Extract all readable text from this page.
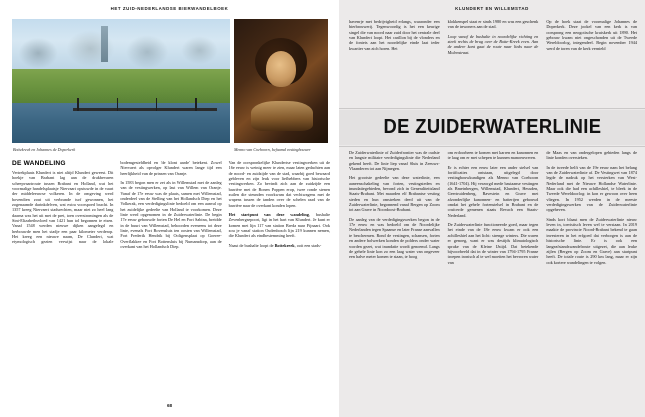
HET ZUID-NEDERLANDSE BIERWANDELBOEK
Bottekreek en Johannes de Doperkerk	Menno van Coehoorn, befaamd vestingbouwer
DE WANDELING

Vertrekplaats Klundert is niet altijd Klundert geweest. Dit hoekje van Brabant lag aan de drukbevaren scheepvaartroute tussen Brabant en Holland, wat het voormalige handelsplaatsje Niervaart opstuwde in de vaart der middeleeuwse volkeren. In de omgeving werd bovendien zout uit verbrande turf gewonnen, het zogenaamde darinkdelven, wat extra voorspoed bracht. In 1357 kreeg Niervaert stadsrechten, maar niet zo heel lang daarna was het uit met de pret, toen overstromingen als de Sint-Elizabethsvloed van 1421 hun tol begonnen te eisen. Vanaf 1548 werden nieuwe dijken aangelegd en herbouwde men het stadje een paar kilometer verderop. Het kreeg een nieuwe naam, De Clundert, wat etymologisch gezien verwijst naar de lokale bodemgesteldheid en 'de klont aarde' betekent. Zowel Niervaert als opvolger Klundert waren lange tijd een heerlijkheid van de prinsen van Oranje.

In 1583 begon men er zet als in Willemstad met de aanleg van de vestingwerken, op last van Willem van Oranje. Vanaf de 17e eeuw was de plaats, samen met Willemstad, onderdeel van de Stelling van het Hollandsch Diep en het Volkerak, een verdedigingslinie bedoeld om een aanval op het zuidelijke gedeelte van Holland te voorkomen. Deze linie werd opgenomen in de Zuiderwaterlinie. De begin 17e eeuw gebouwde forten De Hel en Fort Sabina, breidde in de buurt van Willemstad, behoorden eveneens tot deze linie, evenals Fort Bovensluis ten oosten van Willemstad, Fort Frederik Hendrik bij Ooltgensplaat op Goeree-Overflakkee en Fort Bottensluis bij Numansdorp, aan de overkant van het Hollandsch Diep.

Van de oorspronkelijke Klundertse vestingwerken uit de 16e eeuw is weinig meer te zien, maar laten gedachten aan de noord- en zuidzijde van de stad, waarbij goed bewaard gebleven en zijn leuk voor liefhebbers van historische vestingwerken. Zo bevindt zich aan de zuidzijde een barrière met de Bonen Poppen erop, twee ronde stenen zuilen die steunden voorkwam dat vechtwagens met de wapens tussen de tanden over de schelen raad van de barrière naar de overkant konden lopen.

Het startpunt van deze wandeling, bushalte Zevenbergsepoort, ligt in het hart van Klundert. Je kunt er komen met lijn 117 van station Breda naar Fijnaart. Ook zou je vanaf station Oudenbosch lijn 219 kunnen nemen, die Klundert als eindbestemming heeft.

Naast de bushalte loopt de Bottekreek, ooit een stads-

68
KLUNDERT EN WILLEMSTAD

havenrje met bedrijvigheid erlangs, waaronder een bierbrouwerij. Tegenwoordig is het een keurige singel die van noord naar zuid door het centrale deel van Klundert loopt. Het carillon bij de vlonders en de fonteis aan het noordelijke einde laat ieder kwartier van zich horen. Het

klokkenspel staat er sinds 1980 en was een geschenk van de inwoners aan de stad.

Loop vanaf de bushalte in noordelijke richting en steek rechts de brug over de Botte-Kreek even. Aan de andere kant gaat de route naar links naar de Molenstraat.

Op de hoek staat de voormalige Johannes de Doperkerk. Deze jookel van een kerk is van oorsprong een neogotische kruiskerk uit 1890. Het gebouw kwam niet ongeschonden uit de Tweede Wereldoorlog, integendeel. Begin november 1944 werd de toren van de kerk vernield

DE ZUIDERWATERLINIE

De Zuiderwaterlinie of Zuiderfrontier was de oudste en langste militaire verdedigingslinie die Nederland gekend heeft. De linie liep vanaf Sluis in Zeeuws-Vlaanderen tot aan Nijmegen.

Het grootste gedeelte van deze waterlinie, een aaneenschakeling van forten, vestingsteden en inundatiegebieden, bevond zich in Generaliteitsland Staats-Brabant. Met maarden elf Brabantse vesting steden en hun omstreken deed uit van de Zuiderwaterlinie, begonnend vanaf Bergen op Zoom tot aan Grave in Noordoost-Brabant.

De aanleg van de verdedigingswerken begon in de 17e eeuw en was bedoeld om de Noordelijke Nederlanden tegen Spaanse en later Franse aanvallen te beschermen. Rond de vestingen, schansen, forten en andere bolwerken konden de polders onder water worden gezet, wat inundatie wordt genoemd. Langs de gehele linie kon zo een laag water van ongeveer een halve meter komen te staan, te hoog

om erdoorheen te komen met karren en kanonnen en te laag om er met schepen te kunnen manoeuvreren.

Er is echter een eeuw later een ander stelsel van fortificaties ontstaan, uitgelegd door vestingbouwkundigen als Menno van Coehoorn (1641-1704). Hij verzorgd mede bastaanse vestingen als Bmeinbergen, Willemstad, Klundert, Heusden, Geertruidenberg, Ravestein en Grave met afzonderlijke kanonnen- en batterijen gebouwd omdat het gehele fortenstelsel in Brabant en de cruïcerde gemenen staats Revach een Staats-Nederland.

De Zuiderwaterlinie functioneerde goed, maar tegen het einde van de 18e eeuw kwam er ook een achilleshiel aan het licht: strenge winters. Die waren er genoeg, want er was destijds klimatologisch sprake van de Kleine IJstijd. Dat betekende bijvoorbeeld dat in de winter van 1794-1795 Franse troepen ironisch al te wel moeiten het bevroren water van

de Maas en van ondergelopen gebieden langs de linie konden oversteken.

In de tweede helft van de 19e eeuw nam het belang van de Zuiderwaterlinie af. De Vestingwet van 1874 legde de nadruk op het versterken van West-Nederland met de Nieuwe Hollandse Waterlinie. Maar ook die had een achilleshiel, te bleek in de Tweede Wereldoorlog: in kon er gewoon over heen vliegen. In 1952 werden in de meeste verdedigingswerken van de Zuiderwaterlinie opgeheven.

Sinds kort blaast men de Zuiderwaterlinie nieuw leven in, toeristisch leven wel te verstaan. In 2019 maakte de provincie Noord-Brabant bekend te gaan investeren in het erfgoed dat verborgen is aan de historische linie. Er is ook een langeafstandswandelroute uitgezet, die aan leuke zijlen (Bergen op Zoom en Grave) aan startpunt heeft. De totale route is 290 km lang, maar er zijn ook kortere wandelingen te volgen.
